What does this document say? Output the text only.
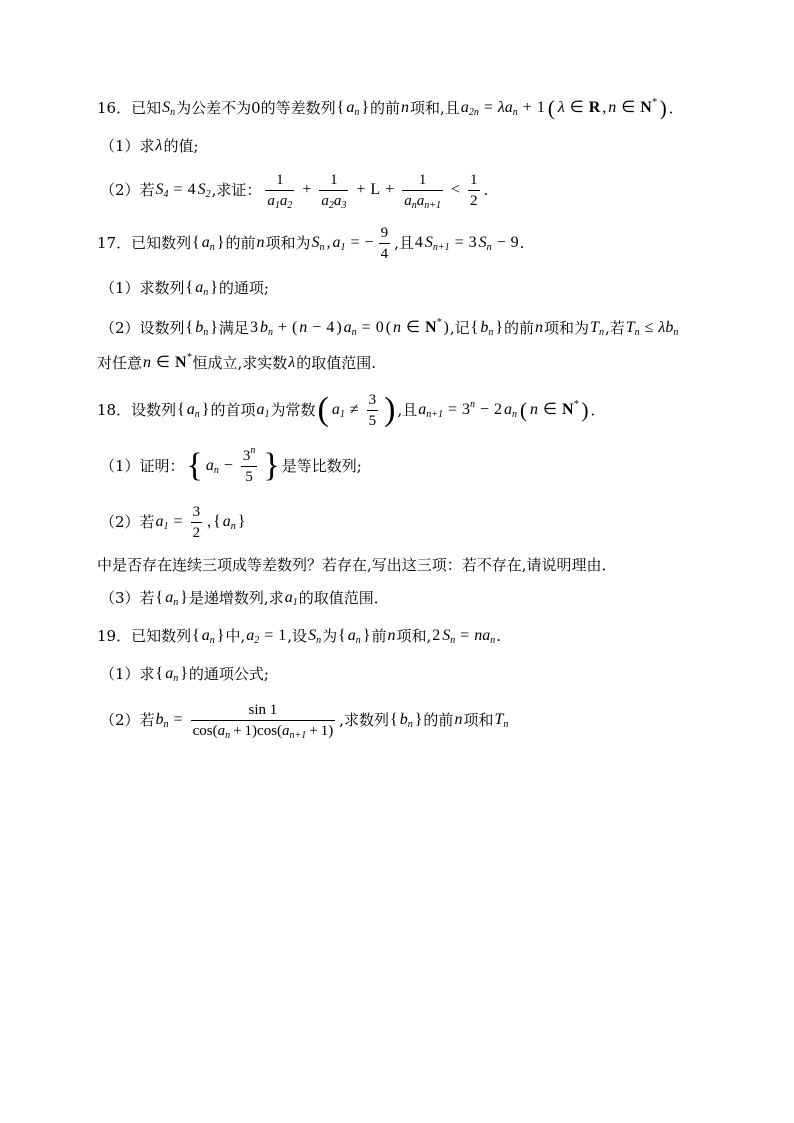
16．已知 $S_n$ 为公差不为0的等差数列 { $a_n$ } 的前 n 项和,且 $a_{2n} = \lambda a_n + 1$ ( λ ∈ R , n ∈ N* ) ．
（1）求 λ 的值;
（2）若 $S_4 = 4$ $S_2$ ,求证： $\frac{1}{a_1 a_2} + \frac{1}{a_2 a_3} + L + \frac{1}{a_n a_{n+1}} < \frac{1}{2}$ .
17．已知数列 { $a_n$ } 的前 n 项和为 $S_n$ , $a_1$ = − $\frac{9}{4}$ ,且 4 $S_{n+1} = 3$ $S_n - 9$ .
（1）求数列 { $a_n$ } 的通项;
（2）设数列 { $b_n$ } 满足 3 $b_n$ + ( n − 4 ) $a_n = 0$ ( n ∈ N* ) ,记 { $b_n$ } 的前 n 项和为 $T_n$ ,若 $T_n \le \lambda b_n$
对任意 n ∈ N* 恒成立,求实数 λ 的取值范围.
18．设数列 { $a_n$ } 的首项 $a_1$ 为常数 ( $a_1 \ne \frac{3}{5}$ ) ,且 $a_{n+1} = 3^n - 2$ $a_n$ ( n ∈ N* ) ．
（1）证明： { $a_n - \frac{3^n}{5}$ } 是等比数列;
（2）若 $a_1 = \frac{3}{2}$ , { $a_n$ }
中是否存在连续三项成等差数列？若存在,写出这三项：若不存在,请说明理由．
（3）若 { $a_n$ } 是递增数列,求 $a_1$ 的取值范围．
19．已知数列 { $a_n$ } 中, $a_2 = 1$ ,设 $S_n$ 为 { $a_n$ } 前 n 项和, 2 $S_n = na_n$ .
（1）求 { $a_n$ } 的通项公式;
（2）若 $b_n = \frac{\sin 1}{\cos ( a_n + 1 ) \cos ( a_{n+1} + 1 )}$ ,求数列 { $b_n$ } 的前 n 项和 $T_n$
